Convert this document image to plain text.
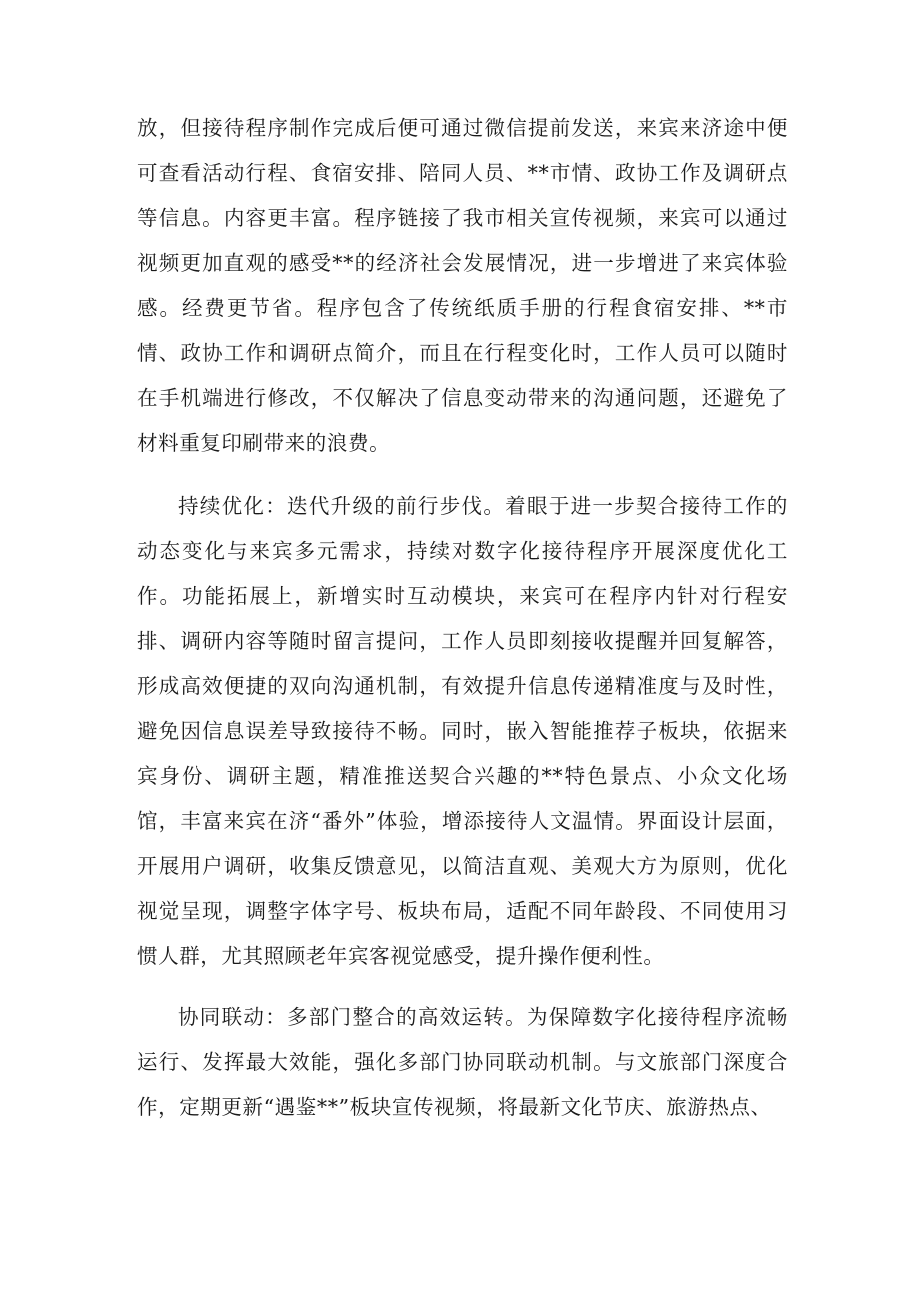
放，但接待程序制作完成后便可通过微信提前发送，来宾来济途中便可查看活动行程、食宿安排、陪同人员、**市情、政协工作及调研点等信息。内容更丰富。程序链接了我市相关宣传视频，来宾可以通过视频更加直观的感受**的经济社会发展情况，进一步增进了来宾体验感。经费更节省。程序包含了传统纸质手册的行程食宿安排、**市情、政协工作和调研点简介，而且在行程变化时，工作人员可以随时在手机端进行修改，不仅解决了信息变动带来的沟通问题，还避免了材料重复印刷带来的浪费。

持续优化：迭代升级的前行步伐。着眼于进一步契合接待工作的动态变化与来宾多元需求，持续对数字化接待程序开展深度优化工作。功能拓展上，新增实时互动模块，来宾可在程序内针对行程安排、调研内容等随时留言提问，工作人员即刻接收提醒并回复解答，形成高效便捷的双向沟通机制，有效提升信息传递精准度与及时性，避免因信息误差导致接待不畅。同时，嵌入智能推荐子板块，依据来宾身份、调研主题，精准推送契合兴趣的**特色景点、小众文化场馆，丰富来宾在济“番外”体验，增添接待人文温情。界面设计层面，开展用户调研，收集反馈意见，以简洁直观、美观大方为原则，优化视觉呈现，调整字体字号、板块布局，适配不同年龄段、不同使用习惯人群，尤其照顾老年宾客视觉感受，提升操作便利性。

协同联动：多部门整合的高效运转。为保障数字化接待程序流畅运行、发挥最大效能，强化多部门协同联动机制。与文旅部门深度合作，定期更新“遇鉴**”板块宣传视频，将最新文化节庆、旅游热点、
